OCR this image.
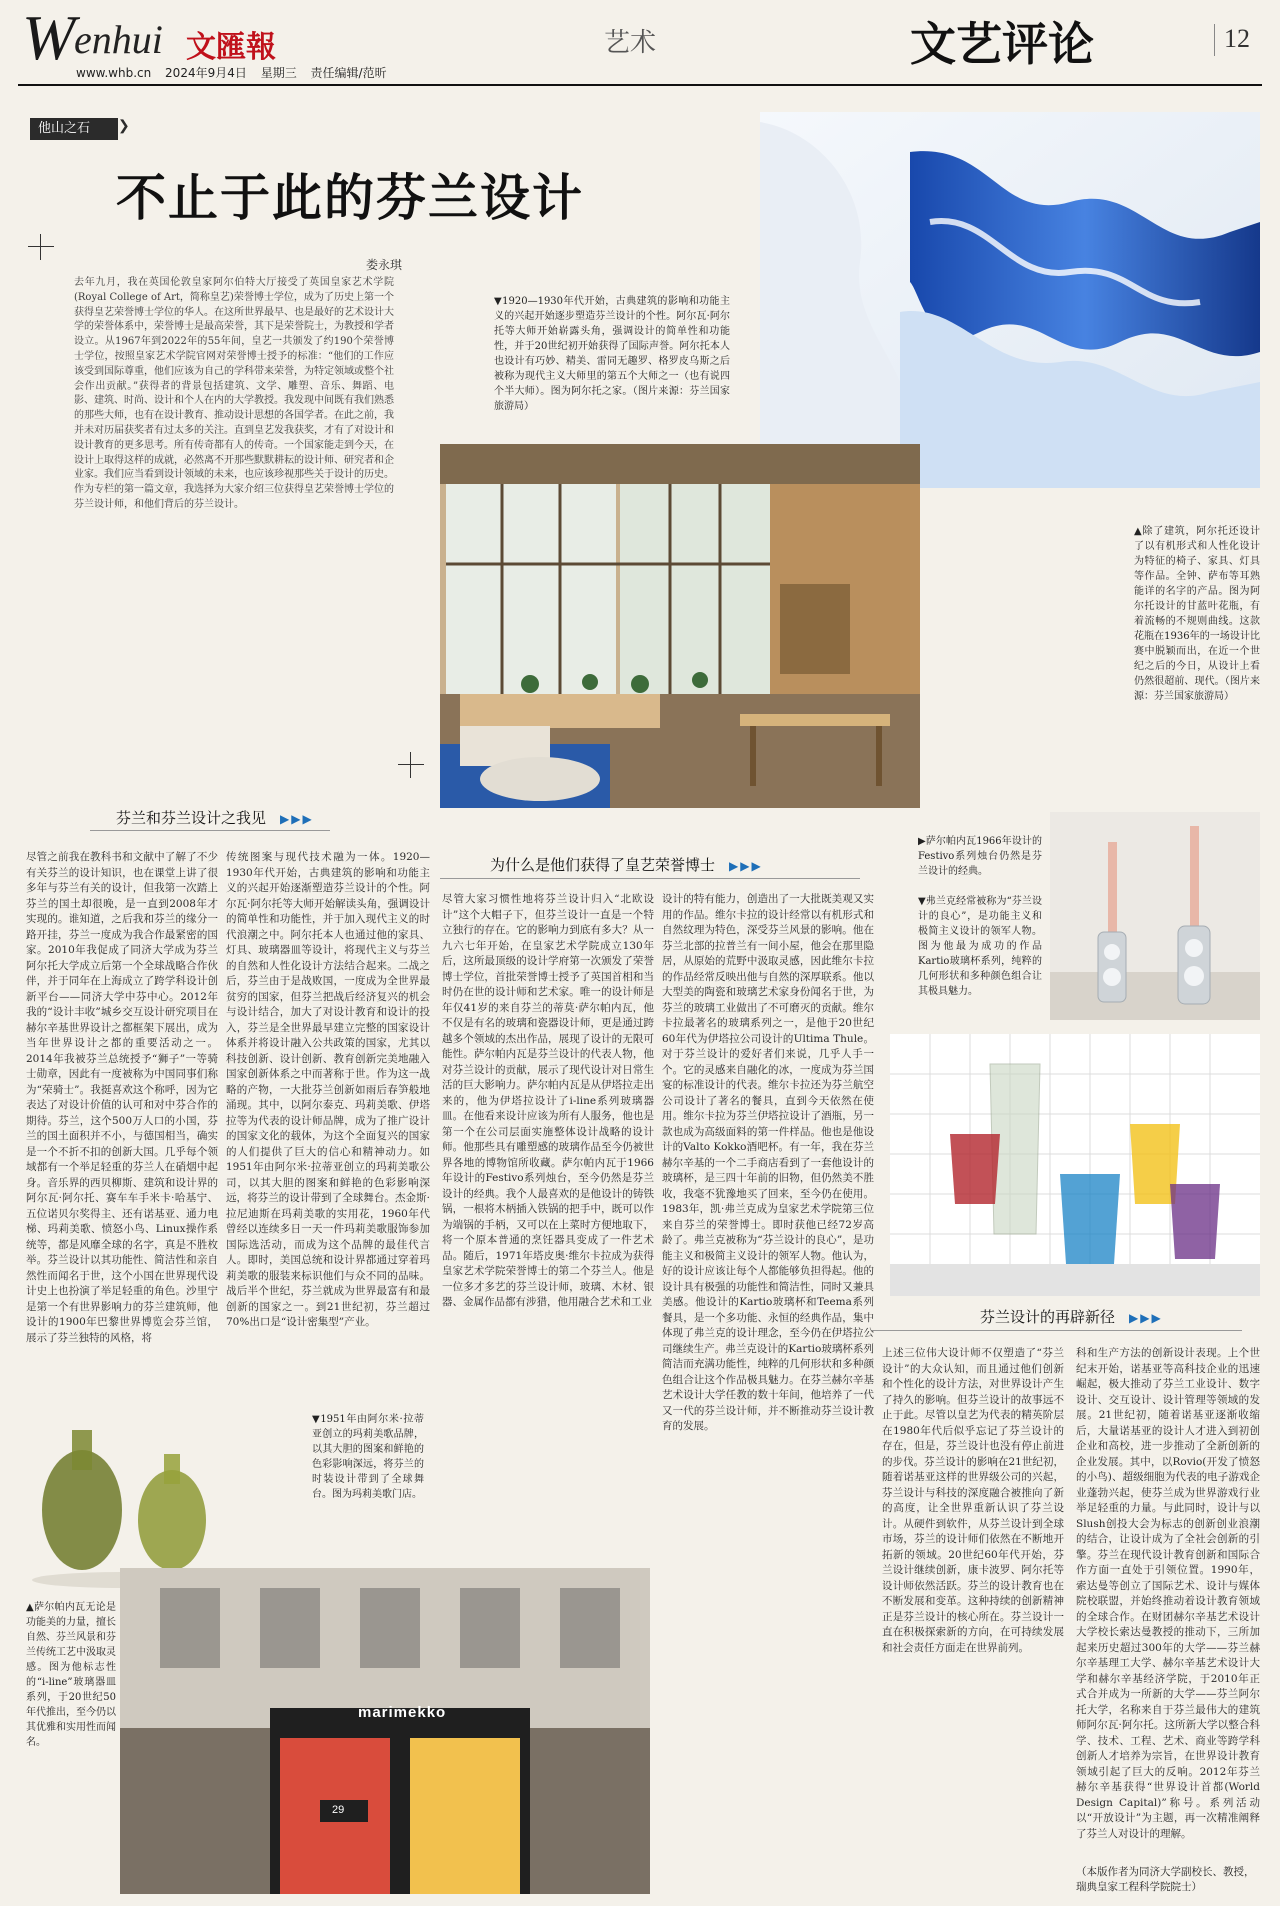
W
enhui 文匯報
www.whb.cn 2024年9月4日 星期三 责任编辑/范昕
艺术	文艺评论	12
他山之石	❯
不止于此的芬兰设计
娄永琪
去年九月，我在英国伦敦皇家阿尔伯特大厅接受了英国皇家艺术学院(Royal College of Art，简称皇艺)荣誉博士学位，成为了历史上第一个获得皇艺荣誉博士学位的华人。在这所世界最早、也是最好的艺术设计大学的荣誉体系中，荣誉博士是最高荣誉，其下是荣誉院士，为教授和学者设立。从1967年到2022年的55年间，皇艺一共颁发了约190个荣誉博士学位，按照皇家艺术学院官网对荣誉博士授予的标准：“他们的工作应该受到国际尊重，他们应该为自己的学科带来荣誉，为特定领域或整个社会作出贡献。”获得者的背景包括建筑、文学、雕塑、音乐、舞蹈、电影、建筑、时尚、设计和个人在内的大学教授。我发现中间既有我们熟悉的那些大师，也有在设计教育、推动设计思想的各国学者。在此之前，我并未对历届获奖者有过太多的关注。直到皇艺发我获奖，才有了对设计和设计教育的更多思考。所有传奇都有人的传奇。一个国家能走到今天，在设计上取得这样的成就，必然离不开那些默默耕耘的设计师、研究者和企业家。我们应当看到设计领域的未来，也应该珍视那些关于设计的历史。作为专栏的第一篇文章，我选择为大家介绍三位获得皇艺荣誉博士学位的芬兰设计师，和他们背后的芬兰设计。
▼1920—1930年代开始，古典建筑的影响和功能主义的兴起开始逐步塑造芬兰设计的个性。阿尔瓦·阿尔托等大师开始崭露头角，强调设计的简单性和功能性，并于20世纪初开始获得了国际声誉。阿尔托本人也设计有巧妙、精美、雷同无趣罗、格罗皮乌斯之后被称为现代主义大师里的第五个大师之一（也有说四个半大师）。图为阿尔托之家。（图片来源：芬兰国家旅游局）
▲除了建筑，阿尔托还设计了以有机形式和人性化设计为特征的椅子、家具、灯具等作品。全钟、萨布等耳熟能详的名字的产品。图为阿尔托设计的甘蓝叶花瓶，有着流畅的不规则曲线。这款花瓶在1936年的一场设计比赛中脱颖而出，在近一个世纪之后的今日，从设计上看仍然很超前、现代。（图片来源：芬兰国家旅游局）
芬兰和芬兰设计之我见 ▶▶▶
为什么是他们获得了皇艺荣誉博士 ▶▶▶
▶萨尔帕内瓦1966年设计的Festivo系列烛台仍然是芬兰设计的经典。
▼弗兰克经常被称为“芬兰设计的良心”，是功能主义和极简主义设计的领军人物。图为他最为成功的作品Kartio玻璃杯系列，纯粹的几何形状和多种颜色组合让其极具魅力。
芬兰设计的再辟新径 ▶▶▶
尽管之前我在教科书和文献中了解了不少有关芬兰的设计知识，也在课堂上讲了很多年与芬兰有关的设计，但我第一次踏上芬兰的国土却很晚，是一直到2008年才实现的。谁知道，之后我和芬兰的缘分一路开挂，芬兰一度成为我合作最紧密的国家。2010年我促成了同济大学成为芬兰阿尔托大学成立后第一个全球战略合作伙伴，并于同年在上海成立了跨学科设计创新平台——同济大学中芬中心。2012年我的“设计丰收”城乡交互设计研究项目在赫尔辛基世界设计之都框架下展出，成为当年世界设计之都的重要活动之一。2014年我被芬兰总统授予“狮子”一等骑士勋章，因此有一度被称为中国同事们称为“荣骑士”。我挺喜欢这个称呼，因为它表达了对设计价值的认可和对中芬合作的期待。芬兰，这个500万人口的小国，芬兰的国土面积并不小，与德国相当，确实是一个不折不扣的创新大国。几乎每个领域都有一个举足轻重的芬兰人在硝烟中起身。音乐界的西贝柳斯、建筑和设计界的阿尔瓦·阿尔托、赛车车手米卡·哈基宁、五位诺贝尔奖得主、还有诺基亚、通力电梯、玛莉美歌、愤怒小鸟、Linux操作系统等，都是风靡全球的名字，真是不胜枚举。芬兰设计以其功能性、简洁性和亲自然性而闻名于世，这个小国在世界现代设计史上也扮演了举足轻重的角色。沙里宁是第一个有世界影响力的芬兰建筑师，他设计的1900年巴黎世界博览会芬兰馆，展示了芬兰独特的风格，将
传统图案与现代技术融为一体。1920—1930年代开始，古典建筑的影响和功能主义的兴起开始逐渐塑造芬兰设计的个性。阿尔瓦·阿尔托等大师开始解读头角，强调设计的简单性和功能性，并于加入现代主义的时代浪潮之中。阿尔托本人也通过他的家具、灯具、玻璃器皿等设计，将现代主义与芬兰的自然和人性化设计方法结合起来。二战之后，芬兰由于是战败国，一度成为全世界最贫穷的国家，但芬兰把战后经济复兴的机会与设计结合，加大了对设计教育和设计的投入，芬兰是全世界最早建立完整的国家设计体系并将设计融入公共政策的国家，尤其以科技创新、设计创新、教育创新完美地融入国家创新体系之中而著称于世。作为这一战略的产物，一大批芬兰创新如雨后春笋般地涌现。其中，以阿尔泰克、玛莉美歌、伊塔拉等为代表的设计师品牌，成为了推广设计的国家文化的载体，为这个全面复兴的国家的人们提供了巨大的信心和精神动力。如1951年由阿尔米·拉蒂亚创立的玛莉美歌公司，以其大胆的图案和鲜艳的色彩影响深远，将芬兰的设计带到了全球舞台。杰金斯·拉尼迪斯在玛莉美歌的实用花，1960年代曾经以连续多日一天一件玛莉美歌服饰参加国际选活动，而成为这个品牌的最佳代言人。即时，美国总统和设计界都通过穿着玛莉美歌的服装来标识他们与众不同的品味。战后半个世纪，芬兰就成为世界最富有和最创新的国家之一。到21世纪初，芬兰超过70%出口是“设计密集型”产业。
尽管大家习惯性地将芬兰设计归入“北欧设计”这个大帽子下，但芬兰设计一直是一个特立独行的存在。它的影响力到底有多大？从一九六七年开始，在皇家艺术学院成立130年后，这所最顶级的设计学府第一次颁发了荣誉博士学位，首批荣誉博士授予了英国首相和当时仍在世的设计师和艺术家。唯一的设计师是年仅41岁的来自芬兰的蒂莫·萨尔帕内瓦，他不仅是有名的玻璃和瓷器设计师，更是通过跨越多个领域的杰出作品，展现了设计的无限可能性。萨尔帕内瓦是芬兰设计的代表人物，他对芬兰设计的贡献，展示了现代设计对日常生活的巨大影响力。萨尔帕内瓦是从伊塔拉走出来的，他为伊塔拉设计了i-line系列玻璃器皿。在他看来设计应该为所有人服务，他也是第一个在公司层面实施整体设计战略的设计师。他那些具有雕塑感的玻璃作品至今仍被世界各地的博物馆所收藏。萨尔帕内瓦于1966年设计的Festivo系列烛台，至今仍然是芬兰设计的经典。我个人最喜欢的是他设计的铸铁锅，一根将木柄插入铁锅的把手中，既可以作为端锅的手柄，又可以在上菜时方便地取下，将一个原本普通的烹饪器具变成了一件艺术品。随后，1971年塔皮奥·维尔卡拉成为获得皇家艺术学院荣誉博士的第二个芬兰人。他是一位多才多艺的芬兰设计师，玻璃、木材、银器、金属作品都有涉猎，他用融合艺术和工业
设计的特有能力，创造出了一大批既美观又实用的作品。维尔卡拉的设计经常以有机形式和自然纹理为特色，深受芬兰风景的影响。他在芬兰北部的拉普兰有一间小屋，他会在那里隐居，从原始的荒野中汲取灵感，因此维尔卡拉的作品经常反映出他与自然的深厚联系。他以大型美的陶瓷和玻璃艺术家身份闻名于世，为芬兰的玻璃工业做出了不可磨灭的贡献。维尔卡拉最著名的玻璃系列之一，是他于20世纪60年代为伊塔拉公司设计的Ultima Thule。对于芬兰设计的爱好者们来说，几乎人手一个。它的灵感来自融化的冰，一度成为芬兰国宴的标准设计的代表。维尔卡拉还为芬兰航空公司设计了著名的餐具，直到今天依然在使用。维尔卡拉为芬兰伊塔拉设计了酒瓶，另一款也成为高级面料的第一件样品。他也是他设计的Valto Kokko酒吧杯。有一年，我在芬兰赫尔辛基的一个二手商店看到了一套他设计的玻璃杯，是三四十年前的旧物，但仍然美不胜收，我毫不犹豫地买了回来，至今仍在使用。1983年，凯·弗兰克成为皇家艺术学院第三位来自芬兰的荣誉博士。即时获他已经72岁高龄了。弗兰克被称为“芬兰设计的良心”，是功能主义和极简主义设计的领军人物。他认为，好的设计应该让每个人都能够负担得起。他的设计具有极强的功能性和简洁性，同时又兼具美感。他设计的Kartio玻璃杯和Teema系列餐具，是一个多功能、永恒的经典作品，集中体现了弗兰克的设计理念，至今仍在伊塔拉公司继续生产。弗兰克设计的Kartio玻璃杯系列简洁而充满功能性，纯粹的几何形状和多种颜色组合让这个作品极具魅力。在芬兰赫尔辛基艺术设计大学任教的数十年间，他培养了一代又一代的芬兰设计师，并不断推动芬兰设计教育的发展。
上述三位伟大设计师不仅塑造了“芬兰设计”的大众认知，而且通过他们创新和个性化的设计方法，对世界设计产生了持久的影响。但芬兰设计的故事远不止于此。尽管以皇艺为代表的精英阶层在1980年代后似乎忘记了芬兰设计的存在，但是，芬兰设计也没有停止前进的步伐。芬兰设计的影响在21世纪初，随着诺基亚这样的世界级公司的兴起，芬兰设计与科技的深度融合被推向了新的高度，让全世界重新认识了芬兰设计。从硬件到软件，从芬兰设计到全球市场，芬兰的设计师们依然在不断地开拓新的领域。20世纪60年代开始，芬兰设计继续创新，康卡波罗、阿尔托等设计师依然活跃。芬兰的设计教育也在不断发展和变革。这种持续的创新精神正是芬兰设计的核心所在。芬兰设计一直在积极探索新的方向，在可持续发展和社会责任方面走在世界前列。
科和生产方法的创新设计表现。上个世纪末开始，诺基亚等高科技企业的迅速崛起，极大推动了芬兰工业设计、数字设计、交互设计、设计管理等领域的发展。21世纪初，随着诺基亚逐渐收缩后，大量诺基亚的设计人才进入到初创企业和高校，进一步推动了全新创新的企业发展。其中，以Rovio(开发了愤怒的小鸟)、超级细胞为代表的电子游戏企业蓬勃兴起，使芬兰成为世界游戏行业举足轻重的力量。与此同时，设计与以Slush创投大会为标志的创新创业浪潮的结合，让设计成为了全社会创新的引擎。芬兰在现代设计教育创新和国际合作方面一直处于引领位置。1990年，索达曼等创立了国际艺术、设计与媒体院校联盟，并始终推动着设计教育领域的全球合作。在财团赫尔辛基艺术设计大学校长索达曼教授的推动下，三所加起来历史超过300年的大学——芬兰赫尔辛基理工大学、赫尔辛基艺术设计大学和赫尔辛基经济学院，于2010年正式合并成为一所新的大学——芬兰阿尔托大学，名称来自于芬兰最伟大的建筑师阿尔瓦·阿尔托。这所新大学以整合科学、技术、工程、艺术、商业等跨学科创新人才培养为宗旨，在世界设计教育领域引起了巨大的反响。2012年芬兰赫尔辛基获得“世界设计首都(World Design Capital)”称号。系列活动以“开放设计”为主题，再一次精准阐释了芬兰人对设计的理解。
（本版作者为同济大学副校长、教授，瑞典皇家工程科学院院士）
▼1951年由阿尔米·拉蒂亚创立的玛莉美歌品牌，以其大胆的图案和鲜艳的色彩影响深远，将芬兰的时装设计带到了全球舞台。图为玛莉美歌门店。
marimekko
29
▲萨尔帕内瓦无论是功能美的力量，擅长自然、芬兰风景和芬兰传统工艺中汲取灵感。图为他标志性的“i-line”玻璃器皿系列，于20世纪50年代推出，至今仍以其优雅和实用性而闻名。
